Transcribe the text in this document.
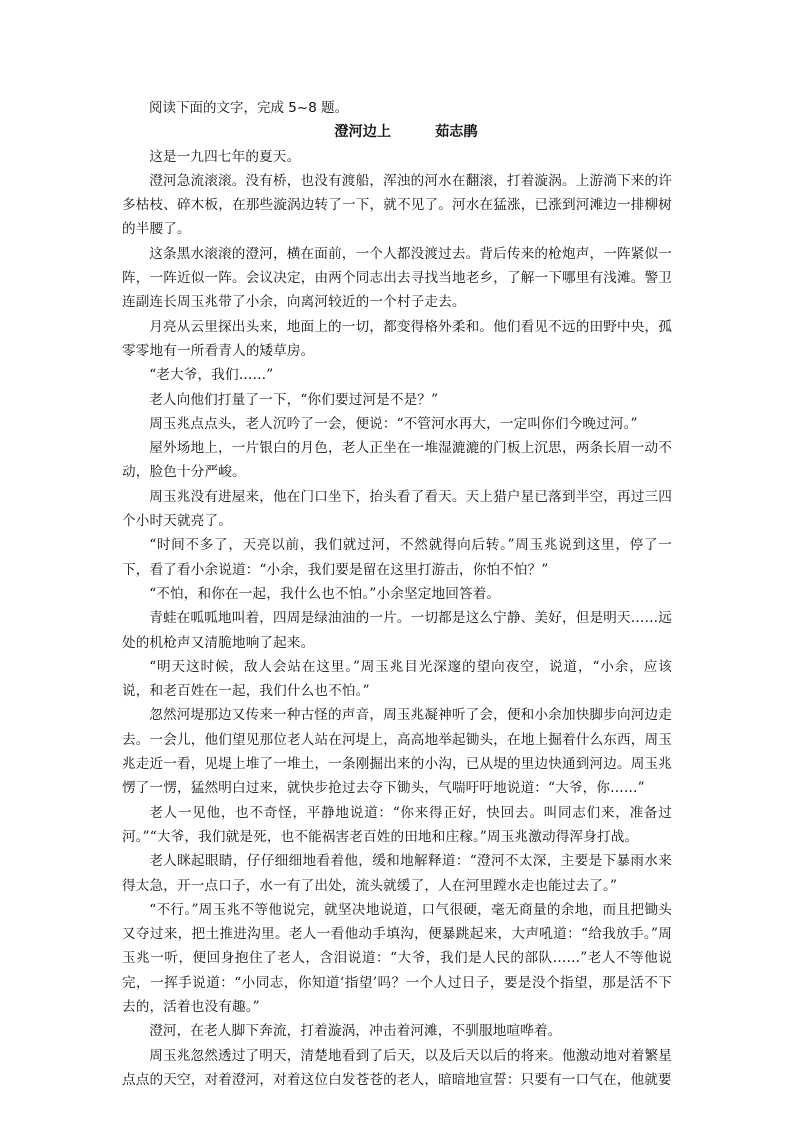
阅读下面的文字，完成 5~8 题。
澄河边上	茹志鹃

这是一九四七年的夏天。

澄河急流滚滚。没有桥，也没有渡船，浑浊的河水在翻滚，打着漩涡。上游淌下来的许多枯枝、碎木板，在那些漩涡边转了一下，就不见了。河水在猛涨，已涨到河滩边一排柳树的半腰了。

这条黑水滚滚的澄河，横在面前，一个人都没渡过去。背后传来的枪炮声，一阵紧似一阵，一阵近似一阵。会议决定，由两个同志出去寻找当地老乡，了解一下哪里有浅滩。警卫连副连长周玉兆带了小余，向离河较近的一个村子走去。

月亮从云里探出头来，地面上的一切，都变得格外柔和。他们看见不远的田野中央，孤零零地有一所看青人的矮草房。

“老大爷，我们……”

老人向他们打量了一下，“你们要过河是不是？”

周玉兆点点头，老人沉吟了一会，便说：“不管河水再大，一定叫你们今晚过河。”

屋外场地上，一片银白的月色，老人正坐在一堆湿漉漉的门板上沉思，两条长眉一动不动，脸色十分严峻。

周玉兆没有进屋来，他在门口坐下，抬头看了看天。天上猎户星已落到半空，再过三四个小时天就亮了。

“时间不多了，天亮以前，我们就过河，不然就得向后转。”周玉兆说到这里，停了一下，看了看小余说道：“小余，我们要是留在这里打游击，你怕不怕？”

“不怕，和你在一起，我什么也不怕。”小余坚定地回答着。

青蛙在呱呱地叫着，四周是绿油油的一片。一切都是这么宁静、美好，但是明天……远处的机枪声又清脆地响了起来。

“明天这时候，敌人会站在这里。”周玉兆目光深邃的望向夜空，说道，“小余，应该说，和老百姓在一起，我们什么也不怕。”

忽然河堤那边又传来一种古怪的声音，周玉兆凝神听了会，便和小余加快脚步向河边走去。一会儿，他们望见那位老人站在河堤上，高高地举起锄头，在地上掘着什么东西，周玉兆走近一看，见堤上堆了一堆土，一条刚掘出来的小沟，已从堤的里边快通到河边。周玉兆愣了一愣，猛然明白过来，就快步抢过去夺下锄头，气喘吁吁地说道：“大爷，你……”

老人一见他，也不奇怪，平静地说道：“你来得正好，快回去。叫同志们来，准备过河。”“大爷，我们就是死，也不能祸害老百姓的田地和庄稼。”周玉兆激动得浑身打战。

老人眯起眼睛，仔仔细细地看着他，缓和地解释道：“澄河不太深，主要是下暴雨水来得太急，开一点口子，水一有了出处，流头就缓了，人在河里蹚水走也能过去了。”

“不行。”周玉兆不等他说完，就坚决地说道，口气很硬，毫无商量的余地，而且把锄头又夺过来，把土推进沟里。老人一看他动手填沟，便暴跳起来，大声吼道：“给我放手。”周玉兆一听，便回身抱住了老人，含泪说道：“大爷，我们是人民的部队……”老人不等他说完，一挥手说道：“小同志，你知道‘指望’吗？一个人过日子，要是没个指望，那是活不下去的，活着也没有趣。”

澄河，在老人脚下奔流，打着漩涡，冲击着河滩，不驯服地喧哗着。

周玉兆忽然透过了明天，清楚地看到了后天，以及后天以后的将来。他激动地对着繁星点点的天空，对着澄河，对着这位白发苍苍的老人，暗暗地宣誓：只要有一口气在，他就要
